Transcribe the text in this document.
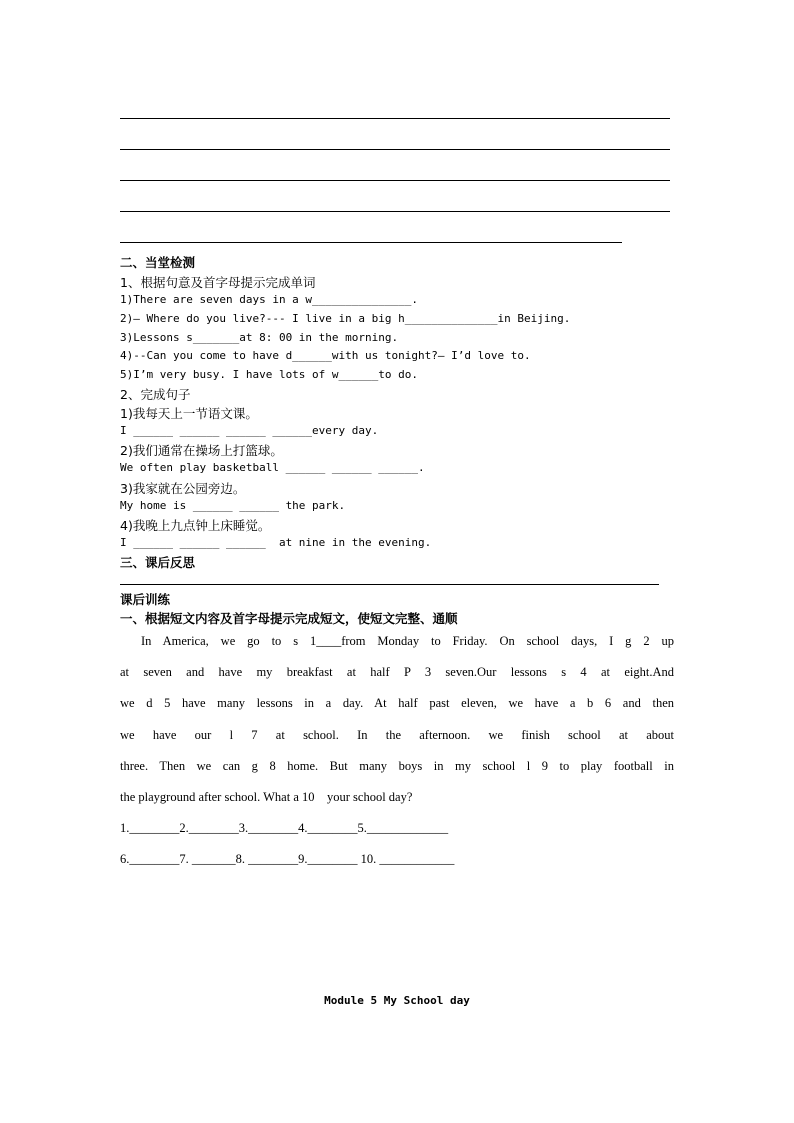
二、当堂检测
1、根据句意及首字母提示完成单词
1)There are seven days in a w_______________.
2)— Where do you live?--- I live in a big h______________in Beijing.
3)Lessons s_______at 8: 00 in the morning.
4)--Can you come to have d______with us tonight?— I’d love to.
5)I’m very busy. I have lots of w______to do.
2、完成句子
1)我每天上一节语文课。
I ______ ______ ______ ______every day.
2)我们通常在操场上打篮球。
We often play basketball ______ ______ ______.
3)我家就在公园旁边。
My home is ______ ______ the park.
4)我晚上九点钟上床睡觉。
I ______ ______ ______  at nine in the evening.
三、课后反思
课后训练
一、根据短文内容及首字母提示完成短文，使短文完整、通顺
In America, we go to s 1____from Monday to Friday. On school days, I g 2 up
at seven and have my breakfast at half P 3 seven.Our lessons s 4 at eight.And
we d 5 have many lessons in a day. At half past eleven, we have a b 6 and then
we have our l 7 at school. In the afternoon. we finish school at about
three. Then we can g 8 home. But many boys in my school l 9 to play football in
the playground after school. What a 10    your school day?
1.________2.________3.________4.________5._____________
6.________7. _______8. ________9.________ 10. ____________
Module 5 My School day
